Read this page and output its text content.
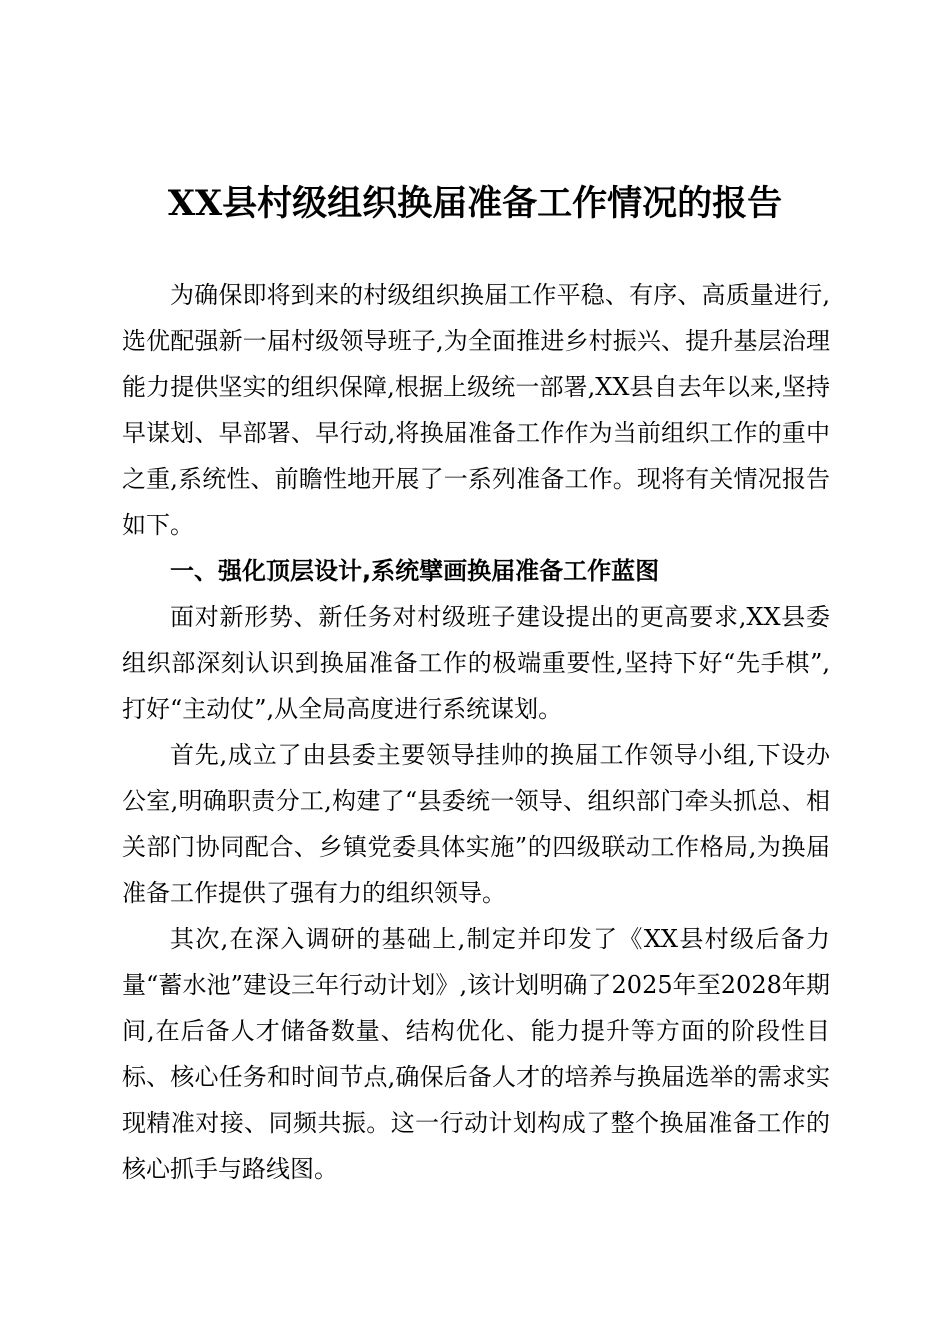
XX县村级组织换届准备工作情况的报告

为确保即将到来的村级组织换届工作平稳、有序、高质量进行,选优配强新一届村级领导班子,为全面推进乡村振兴、提升基层治理能力提供坚实的组织保障,根据上级统一部署,XX县自去年以来,坚持早谋划、早部署、早行动,将换届准备工作作为当前组织工作的重中之重,系统性、前瞻性地开展了一系列准备工作。现将有关情况报告如下。

一、强化顶层设计,系统擘画换届准备工作蓝图

面对新形势、新任务对村级班子建设提出的更高要求,XX县委组织部深刻认识到换届准备工作的极端重要性,坚持下好“先手棋”,打好“主动仗”,从全局高度进行系统谋划。

首先,成立了由县委主要领导挂帅的换届工作领导小组,下设办公室,明确职责分工,构建了“县委统一领导、组织部门牵头抓总、相关部门协同配合、乡镇党委具体实施”的四级联动工作格局,为换届准备工作提供了强有力的组织领导。

其次,在深入调研的基础上,制定并印发了《XX县村级后备力量“蓄水池”建设三年行动计划》,该计划明确了2025年至2028年期间,在后备人才储备数量、结构优化、能力提升等方面的阶段性目标、核心任务和时间节点,确保后备人才的培养与换届选举的需求实现精准对接、同频共振。这一行动计划构成了整个换届准备工作的核心抓手与路线图。
